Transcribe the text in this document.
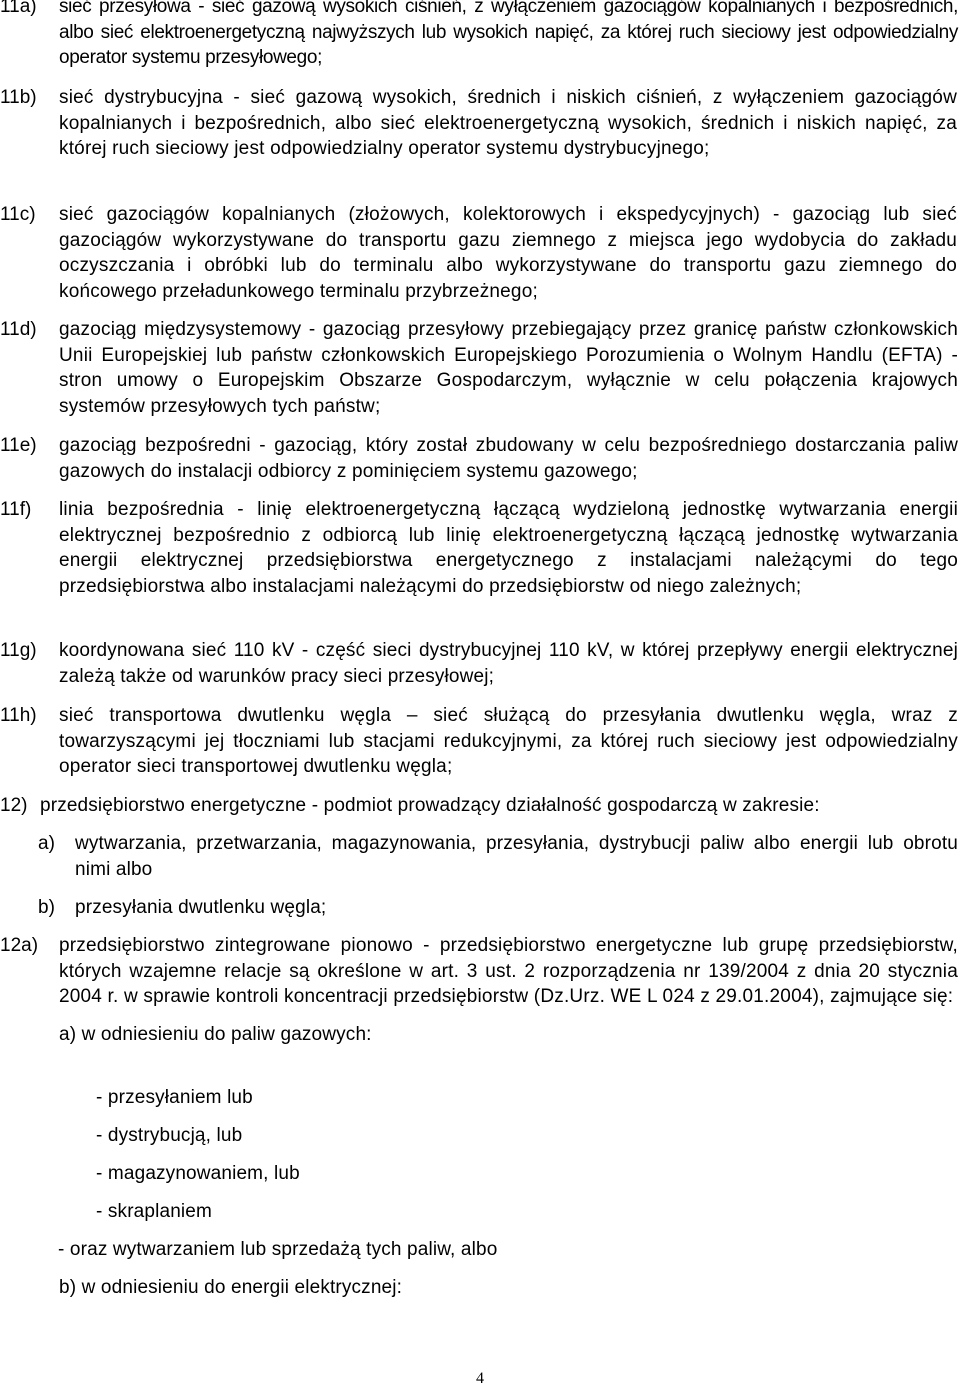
11a) sieć przesyłowa - sieć gazową wysokich ciśnień, z wyłączeniem gazociągów kopalnianych i bezpośrednich, albo sieć elektroenergetyczną najwyższych lub wysokich napięć, za której ruch sieciowy jest odpowiedzialny operator systemu przesyłowego;

11b) sieć dystrybucyjna - sieć gazową wysokich, średnich i niskich ciśnień, z wyłączeniem gazociągów kopalnianych i bezpośrednich, albo sieć elektroenergetyczną wysokich, średnich i niskich napięć, za której ruch sieciowy jest odpowiedzialny operator systemu dystrybucyjnego;

11c) sieć gazociągów kopalnianych (złożowych, kolektorowych i ekspedycyjnych) - gazociąg lub sieć gazociągów wykorzystywane do transportu gazu ziemnego z miejsca jego wydobycia do zakładu oczyszczania i obróbki lub do terminalu albo wykorzystywane do transportu gazu ziemnego do końcowego przeładunkowego terminalu przybrzeżnego;

11d) gazociąg międzysystemowy - gazociąg przesyłowy przebiegający przez granicę państw członkowskich Unii Europejskiej lub państw członkowskich Europejskiego Porozumienia o Wolnym Handlu (EFTA) - stron umowy o Europejskim Obszarze Gospodarczym, wyłącznie w celu połączenia krajowych systemów przesyłowych tych państw;

11e) gazociąg bezpośredni - gazociąg, który został zbudowany w celu bezpośredniego dostarczania paliw gazowych do instalacji odbiorcy z pominięciem systemu gazowego;

11f) linia bezpośrednia - linię elektroenergetyczną łączącą wydzieloną jednostkę wytwarzania energii elektrycznej bezpośrednio z odbiorcą lub linię elektroenergetyczną łączącą jednostkę wytwarzania energii elektrycznej przedsiębiorstwa energetycznego z instalacjami należącymi do tego przedsiębiorstwa albo instalacjami należącymi do przedsiębiorstw od niego zależnych;

11g) koordynowana sieć 110 kV - część sieci dystrybucyjnej 110 kV, w której przepływy energii elektrycznej zależą także od warunków pracy sieci przesyłowej;

11h) sieć transportowa dwutlenku węgla – sieć służącą do przesyłania dwutlenku węgla, wraz z towarzyszącymi jej tłoczniami lub stacjami redukcyjnymi, za której ruch sieciowy jest odpowiedzialny operator sieci transportowej dwutlenku węgla;

12) przedsiębiorstwo energetyczne - podmiot prowadzący działalność gospodarczą w zakresie:

a) wytwarzania, przetwarzania, magazynowania, przesyłania, dystrybucji paliw albo energii lub obrotu nimi albo

b) przesyłania dwutlenku węgla;

12a) przedsiębiorstwo zintegrowane pionowo - przedsiębiorstwo energetyczne lub grupę przedsiębiorstw, których wzajemne relacje są określone w art. 3 ust. 2 rozporządzenia nr 139/2004 z dnia 20 stycznia 2004 r. w sprawie kontroli koncentracji przedsiębiorstw (Dz.Urz. WE L 024 z 29.01.2004), zajmujące się:

a) w odniesieniu do paliw gazowych:
- przesyłaniem lub
- dystrybucją, lub
- magazynowaniem, lub
- skraplaniem
- oraz wytwarzaniem lub sprzedażą tych paliw, albo
b) w odniesieniu do energii elektrycznej:
4
